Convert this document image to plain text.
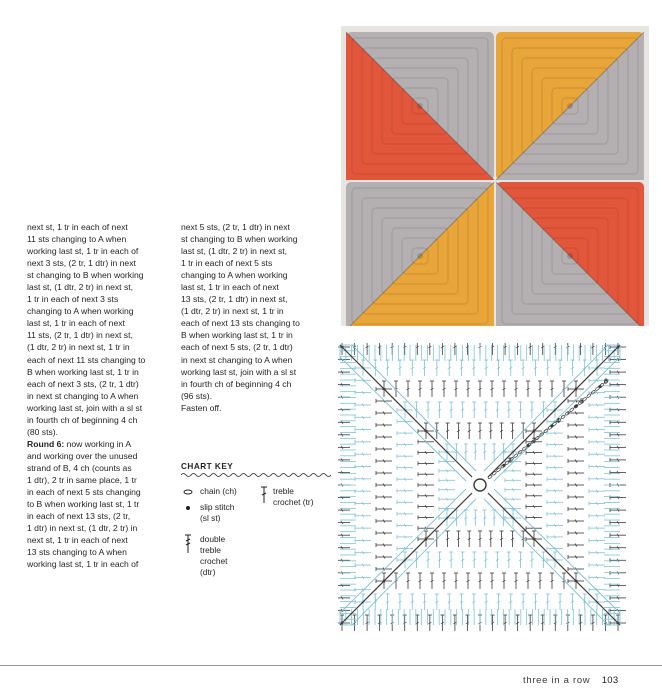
next st, 1 tr in each of next
11 sts changing to A when
working last st, 1 tr in each of
next 3 sts, (2 tr, 1 dtr) in next
st changing to B when working
last st, (1 dtr, 2 tr) in next st,
1 tr in each of next 3 sts
changing to A when working
last st, 1 tr in each of next
11 sts, (2 tr, 1 dtr) in next st,
(1 dtr, 2 tr) in next st, 1 tr in
each of next 11 sts changing to
B when working last st, 1 tr in
each of next 3 sts, (2 tr, 1 dtr)
in next st changing to A when
working last st, join with a sl st
in fourth ch of beginning 4 ch
(80 sts).
Round 6: now working in A
and working over the unused
strand of B, 4 ch (counts as
1 dtr), 2 tr in same place, 1 tr
in each of next 5 sts changing
to B when working last st, 1 tr
in each of next 13 sts, (2 tr,
1 dtr) in next st, (1 dtr, 2 tr) in
next st, 1 tr in each of next
13 sts changing to A when
working last st, 1 tr in each of
next 5 sts, (2 tr, 1 dtr) in next
st changing to B when working
last st, (1 dtr, 2 tr) in next st,
1 tr in each of next 5 sts
changing to A when working
last st, 1 tr in each of next
13 sts, (2 tr, 1 dtr) in next st,
(1 dtr, 2 tr) in next st, 1 tr in
each of next 13 sts changing to
B when working last st, 1 tr in
each of next 5 sts, (2 tr, 1 dtr)
in next st changing to A when
working last st, join with a sl st
in fourth ch of beginning 4 ch
(96 sts).
Fasten off.
CHART KEY
chain (ch)
slip stitch
(sl st)
double
treble
crochet
(dtr)
treble
crochet (tr)
2
3
4
5
6
three in a row 103
